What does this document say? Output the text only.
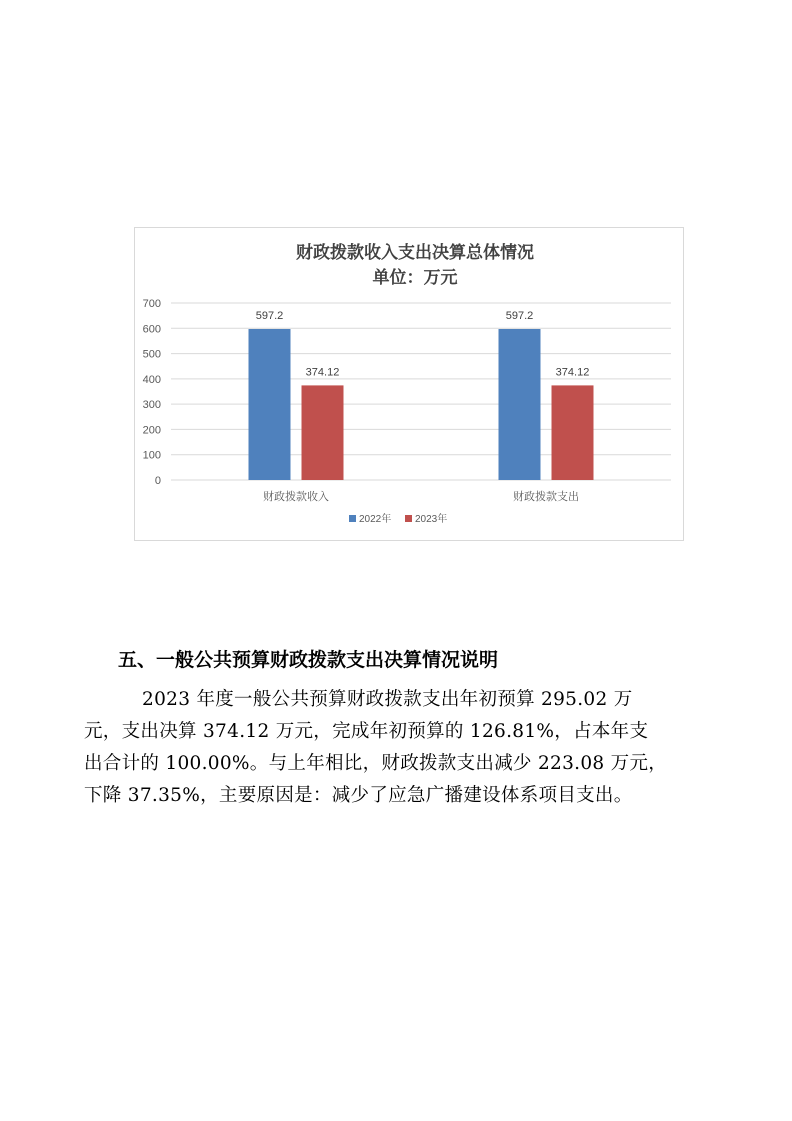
财政拨款收入支出决算总体情况
单位：万元
0
100
200
300
400
500
600
700
597.2
374.12
597.2
374.12
财政拨款收入	财政拨款支出
2022年 2023年
五、一般公共预算财政拨款支出决算情况说明
2023 年度一般公共预算财政拨款支出年初预算 295.02 万
元，支出决算 374.12 万元，完成年初预算的 126.81%，占本年支
出合计的 100.00%。与上年相比，财政拨款支出减少 223.08 万元，
下降 37.35%，主要原因是：减少了应急广播建设体系项目支出。
